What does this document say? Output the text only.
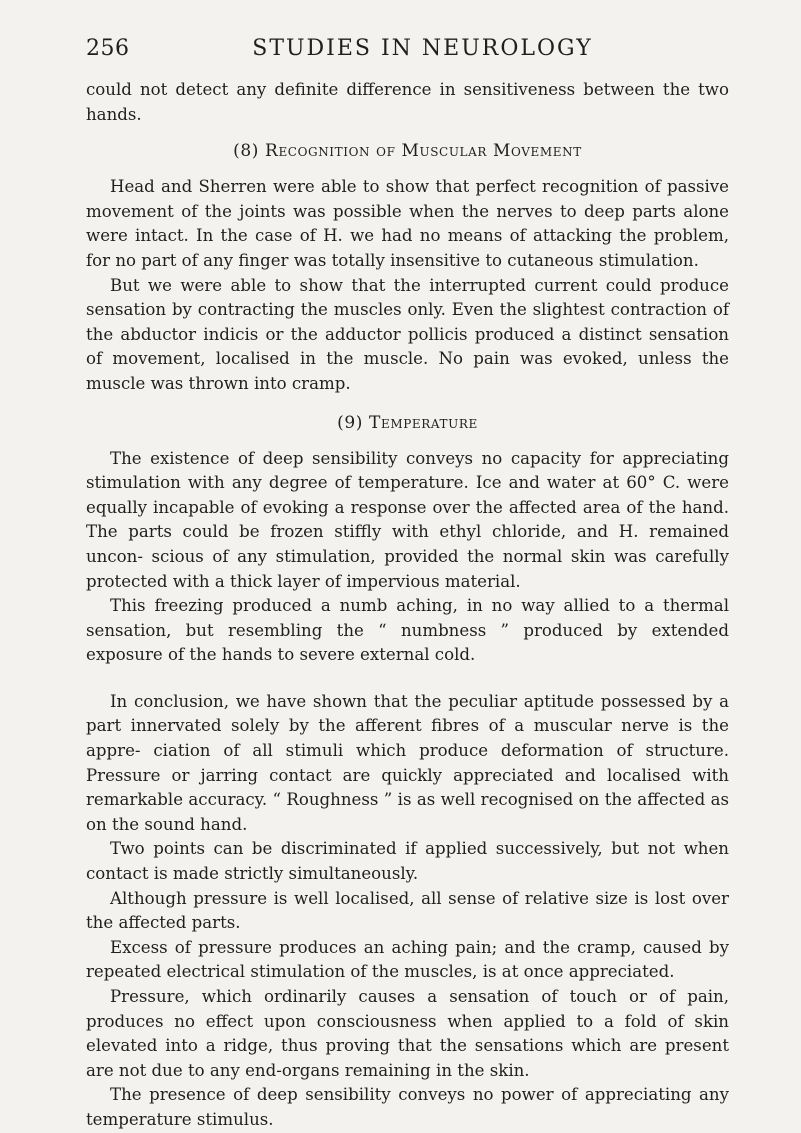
256	STUDIES IN NEUROLOGY

could not detect any definite difference in sensitiveness between the two hands.

(8) Recognition of Muscular Movement

Head and Sherren were able to show that perfect recognition of passive movement of the joints was possible when the nerves to deep parts alone were intact. In the case of H. we had no means of attacking the problem, for no part of any finger was totally insensitive to cutaneous stimulation.

But we were able to show that the interrupted current could produce sensation by contracting the muscles only. Even the slightest contraction of the abductor indicis or the adductor pollicis produced a distinct sensation of movement, localised in the muscle. No pain was evoked, unless the muscle was thrown into cramp.

(9) Temperature

The existence of deep sensibility conveys no capacity for appreciating stimulation with any degree of temperature. Ice and water at 60° C. were equally incapable of evoking a response over the affected area of the hand. The parts could be frozen stiffly with ethyl chloride, and H. remained uncon- scious of any stimulation, provided the normal skin was carefully protected with a thick layer of impervious material.

This freezing produced a numb aching, in no way allied to a thermal sensation, but resembling the “ numbness ” produced by extended exposure of the hands to severe external cold.

In conclusion, we have shown that the peculiar aptitude possessed by a part innervated solely by the afferent fibres of a muscular nerve is the appre- ciation of all stimuli which produce deformation of structure. Pressure or jarring contact are quickly appreciated and localised with remarkable accuracy. “ Roughness ” is as well recognised on the affected as on the sound hand.

Two points can be discriminated if applied successively, but not when contact is made strictly simultaneously.

Although pressure is well localised, all sense of relative size is lost over the affected parts.

Excess of pressure produces an aching pain; and the cramp, caused by repeated electrical stimulation of the muscles, is at once appreciated.

Pressure, which ordinarily causes a sensation of touch or of pain, produces no effect upon consciousness when applied to a fold of skin elevated into a ridge, thus proving that the sensations which are present are not due to any end-organs remaining in the skin.

The presence of deep sensibility conveys no power of appreciating any temperature stimulus.
